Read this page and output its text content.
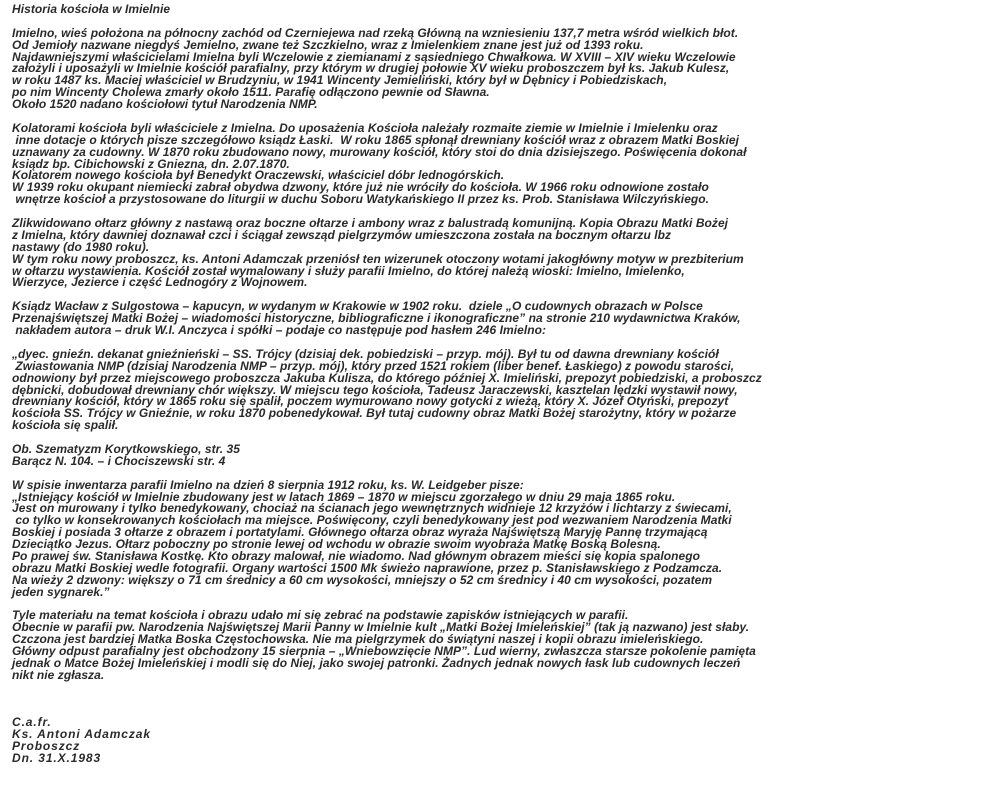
Historia kościoła w Imielnie
Imielno, wieś położona na północny zachód od Czerniejewa nad rzeką Główną na wzniesieniu 137,7 metra wśród wielkich błot.
Od Jemioły nazwane niegdyś Jemielno, zwane też Szczkielno, wraz z Imielenkiem znane jest już od 1393 roku.
Najdawniejszymi właścicielami Imielna byli Wczelowie z ziemianami z sąsiedniego Chwałkowa. W XVIII – XIV wieku Wczelowie
założyli i uposażyli w Imielnie kościół parafialny, przy którym w drugiej połowie XV wieku proboszczem był ks. Jakub Kulesz,
w roku 1487 ks. Maciej właściciel w Brudzyniu, w 1941 Wincenty Jemieliński, który był w Dębnicy i Pobiedziskach,
po nim Wincenty Cholewa zmarły około 1511. Parafię odłączono pewnie od Sławna.
Około 1520 nadano kościołowi tytuł Narodzenia NMP.
Kolatorami kościoła byli właściciele z Imielna. Do uposażenia Kościoła należały rozmaite ziemie w Imielnie i Imielenku oraz
inne dotacje o których pisze szczegółowo ksiądz Łaski.  W roku 1865 spłonął drewniany kościół wraz z obrazem Matki Boskiej
uznawany za cudowny. W 1870 roku zbudowano nowy, murowany kościół, który stoi do dnia dzisiejszego. Poświęcenia dokonał
ksiądz bp. Cibichowski z Gniezna, dn. 2.07.1870.
Kolatorem nowego kościoła był Benedykt Oraczewski, właściciel dóbr lednogórskich.
W 1939 roku okupant niemiecki zabrał obydwa dzwony, które już nie wróciły do kościoła. W 1966 roku odnowione zostało
wnętrze kościoł a przystosowane do liturgii w duchu Soboru Watykańskiego II przez ks. Prob. Stanisława Wilczyńskiego.
Zlikwidowano ołtarz główny z nastawą oraz boczne ołtarze i ambony wraz z balustradą komunijną. Kopia Obrazu Matki Bożej
z Imielna, który dawniej doznawał czci i ściągał zewsząd pielgrzymów umieszczona została na bocznym ołtarzu lbz
nastawy (do 1980 roku).
W tym roku nowy proboszcz, ks. Antoni Adamczak przeniósł ten wizerunek otoczony wotami jakogłówny motyw w prezbiterium
w ołtarzu wystawienia. Kościół został wymalowany i służy parafii Imielno, do której należą wioski: Imielno, Imielenko,
Wierzyce, Jezierce i część Lednogóry z Wojnowem.
Ksiądz Wacław z Sulgostowa – kapucyn, w wydanym w Krakowie w 1902 roku.  dziele „O cudownych obrazach w Polsce
Przenajświętszej Matki Bożej – wiadomości historyczne, bibliograficzne i ikonograficzne” na stronie 210 wydawnictwa Kraków,
nakładem autora – druk W.I. Anczyca i spółki – podaje co następuje pod hasłem 246 Imielno:
„dyec. gnieźn. dekanat gnieźnieński – SS. Trójcy (dzisiaj dek. pobiedziski – przyp. mój). Był tu od dawna drewniany kościół
Zwiastowania NMP (dzisiaj Narodzenia NMP – przyp. mój), który przed 1521 rokiem (liber benef. Łaskiego) z powodu starości,
odnowiony był przez miejscowego proboszcza Jakuba Kulisza, do którego później X. Imieliński, prepozyt pobiedziski, a proboszcz
dębnicki, dobudował drewniany chór większy. W miejscu tego kościoła, Tadeusz Jaraczewski, kasztelan lędzki wystawił nowy,
drewniany kościół, który w 1865 roku się spalił, poczem wymurowano nowy gotycki z wieżą, który X. Józef Otyński, prepozyt
kościoła SS. Trójcy w Gnieźnie, w roku 1870 pobenedykował. Był tutaj cudowny obraz Matki Bożej starożytny, który w pożarze
kościoła się spalił.
Ob. Szematyzm Korytkowskiego, str. 35
Barącz N. 104. – i Chociszewski str. 4
W spisie inwentarza parafii Imielno na dzień 8 sierpnia 1912 roku, ks. W. Leidgeber pisze:
„Istniejący kościół w Imielnie zbudowany jest w latach 1869 – 1870 w miejscu zgorzałego w dniu 29 maja 1865 roku.
Jest on murowany i tylko benedykowany, chociaż na ścianach jego wewnętrznych widnieje 12 krzyżów i lichtarzy z świecami,
co tylko w konsekrowanych kościołach ma miejsce. Poświęcony, czyli benedykowany jest pod wezwaniem Narodzenia Matki
Boskiej i posiada 3 ołtarze z obrazem i portatylami. Głównego ołtarza obraz wyraża Najświętszą Maryję Pannę trzymającą
Dzieciątko Jezus. Ołtarz poboczny po stronie lewej od wchodu w obrazie swoim wyobraża Matkę Boską Bolesną.
Po prawej św. Stanisława Kostkę. Kto obrazy malował, nie wiadomo. Nad głównym obrazem mieści się kopia spalonego
obrazu Matki Boskiej wedle fotografii. Organy wartości 1500 Mk świeżo naprawione, przez p. Stanisławskiego z Podzamcza.
Na wieży 2 dzwony: większy o 71 cm średnicy a 60 cm wysokości, mniejszy o 52 cm średnicy i 40 cm wysokości, pozatem
jeden sygnarek.”
Tyle materiału na temat kościoła i obrazu udało mi się zebrać na podstawie zapisków istniejących w parafii.
Obecnie w parafii pw. Narodzenia Najświętszej Marii Panny w Imielnie kult „Matki Bożej Imieleńskiej” (tak ją nazwano) jest słaby.
Czczona jest bardziej Matka Boska Częstochowska. Nie ma pielgrzymek do świątyni naszej i kopii obrazu imieleńskiego.
Główny odpust parafialny jest obchodzony 15 sierpnia – „Wniebowzięcie NMP”. Lud wierny, zwłaszcza starsze pokolenie pamięta
jednak o Matce Bożej Imieleńskiej i modli się do Niej, jako swojej patronki. Żadnych jednak nowych łask lub cudownych leczeń
nikt nie zgłasza.
C.a.fr.
Ks. Antoni Adamczak
Proboszcz
Dn. 31.X.1983
